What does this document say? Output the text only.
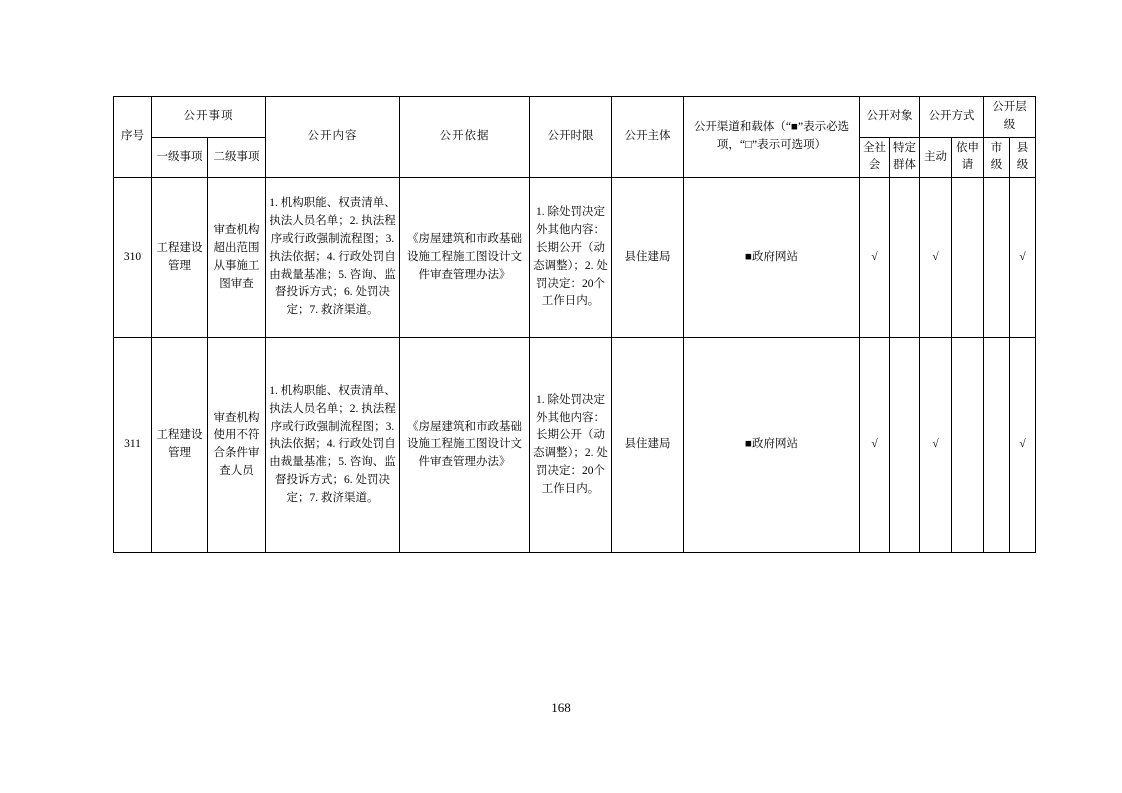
序号	公开事项		公开内容	公开依据	公开时限	公开主体	公开渠道和载体（“■”表示必选项，“□”表示可选项）	公开对象		公开方式		公开层级	
	一级事项	二级事项						全社会	特定群体	主动	依申请	市级	县级
310	工程建设管理	审查机构超出范围从事施工图审查	1. 机构职能、权责清单、执法人员名单；2. 执法程序或行政强制流程图；3. 执法依据；4. 行政处罚自由裁量基准；5. 咨询、监督投诉方式；6. 处罚决定；7. 救济渠道。	《房屋建筑和市政基础设施工程施工图设计文件审查管理办法》	1. 除处罚决定外其他内容：长期公开（动态调整）；2. 处罚决定：20个工作日内。	县住建局	■政府网站	√		√			√
311	工程建设管理	审查机构使用不符合条件审查人员	1. 机构职能、权责清单、执法人员名单；2. 执法程序或行政强制流程图；3. 执法依据；4. 行政处罚自由裁量基准；5. 咨询、监督投诉方式；6. 处罚决定；7. 救济渠道。	《房屋建筑和市政基础设施工程施工图设计文件审查管理办法》	1. 除处罚决定外其他内容：长期公开（动态调整）；2. 处罚决定：20个工作日内。	县住建局	■政府网站	√		√			√
168
